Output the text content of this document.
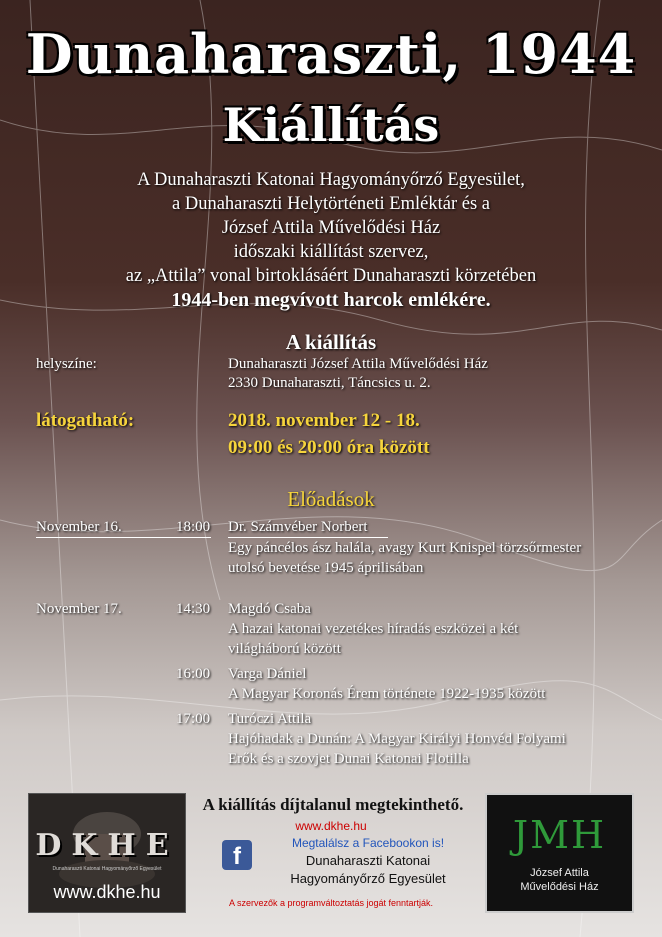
Dunaharaszti, 1944
Kiállítás
A Dunaharaszti Katonai Hagyományőrző Egyesület,
a Dunaharaszti Helytörténeti Emléktár és a
József Attila Művelődési Ház
időszaki kiállítást szervez,
az „Attila” vonal birtoklásáért Dunaharaszti körzetében
1944-ben megvívott harcok emlékére.
A kiállítás
helyszíne:	Dunaharaszti József Attila Művelődési Ház
2330 Dunaharaszti, Táncsics u. 2.
látogatható:	2018. november 12 - 18.
09:00 és 20:00 óra között
Előadások
November 16.	18:00 Dr. Számvéber Norbert
Egy páncélos ász halála, avagy Kurt Knispel törzsőrmester
utolsó bevetése 1945 áprilisában
November 17.	14:30 Magdó Csaba
A hazai katonai vezetékes híradás eszközei a két
világháború között
16:00 Varga Dániel
A Magyar Koronás Érem története 1922-1935 között
17:00 Turóczi Attila
Hajóhadak a Dunán: A Magyar Királyi Honvéd Folyami
Erők és a szovjet Dunai Katonai Flotilla
DKHE
Dunaharaszti Katonai Hagyományőrző Egyesület
www.dkhe.hu
A kiállítás díjtalanul megtekinthető.
www.dkhe.hu
f	Megtalálsz a Facebookon is!
Dunaharaszti Katonai
Hagyományőrző Egyesület
A szervezők a programváltoztatás jogát fenntartják.
JMH
József Attila
Művelődési Ház
